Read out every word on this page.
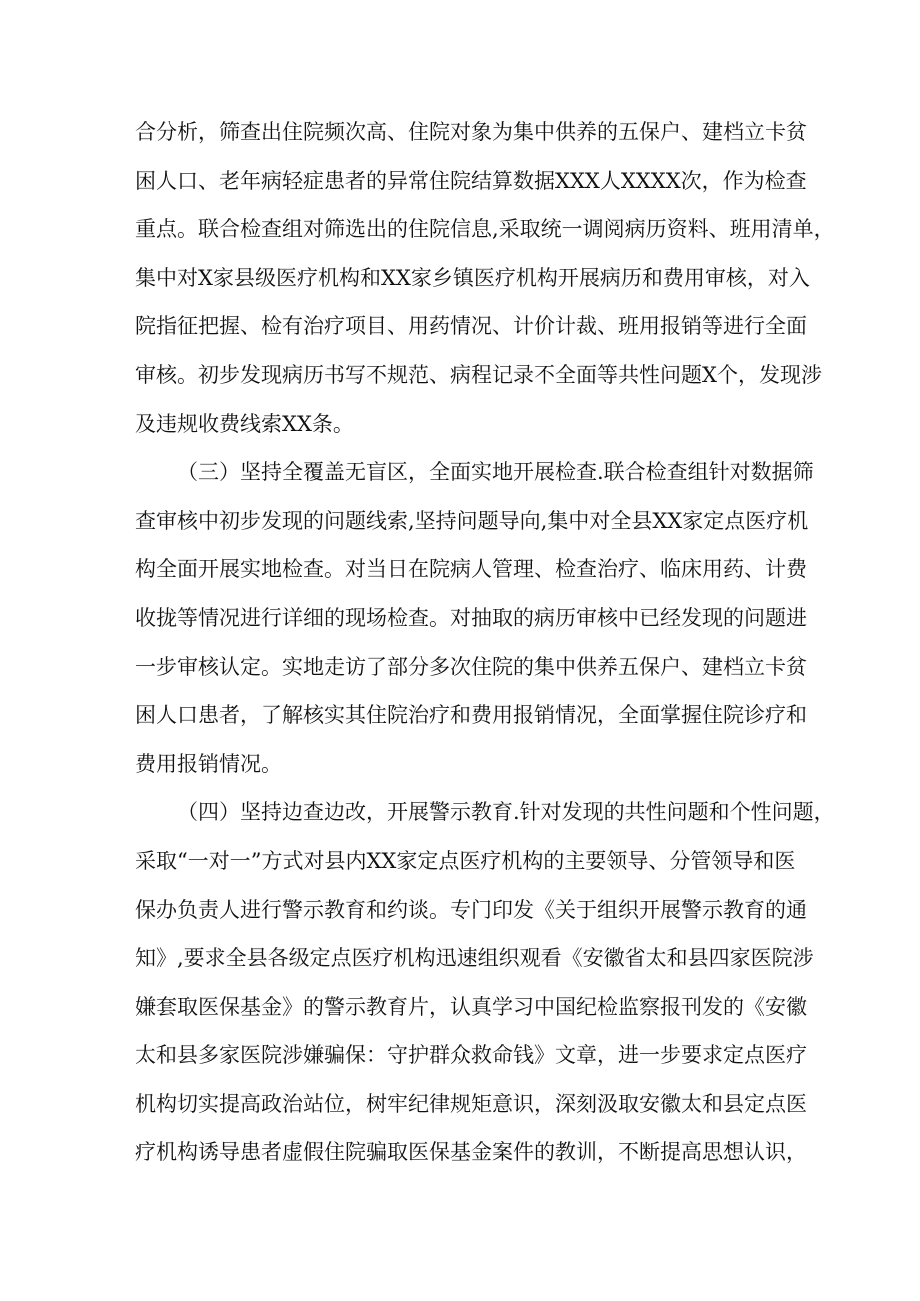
合分析，筛查出住院频次高、住院对象为集中供养的五保户、建档立卡贫
困人口、老年病轻症患者的异常住院结算数据XXX人XXXX次，作为检查
重点。联合检查组对筛选出的住院信息,采取统一调阅病历资料、班用清单，
集中对X家县级医疗机构和XX家乡镇医疗机构开展病历和费用审核，对入
院指征把握、检有治疗项目、用药情况、计价计裁、班用报销等进行全面
审核。初步发现病历书写不规范、病程记录不全面等共性问题X个，发现涉
及违规收费线索XX条。
（三）坚持全覆盖无盲区，全面实地开展检查.联合检查组针对数据筛
查审核中初步发现的问题线索,坚持问题导向,集中对全县XX家定点医疗机
构全面开展实地检查。对当日在院病人管理、检查治疗、临床用药、计费
收拢等情况进行详细的现场检查。对抽取的病历审核中已经发现的问题进
一步审核认定。实地走访了部分多次住院的集中供养五保户、建档立卡贫
困人口患者，了解核实其住院治疗和费用报销情况，全面掌握住院诊疗和
费用报销情况。
（四）坚持边查边改，开展警示教育.针对发现的共性问题和个性问题，
采取“一对一”方式对县内XX家定点医疗机构的主要领导、分管领导和医
保办负责人进行警示教育和约谈。专门印发《关于组织开展警示教育的通
知》,要求全县各级定点医疗机构迅速组织观看《安徽省太和县四家医院涉
嫌套取医保基金》的警示教育片，认真学习中国纪检监察报刊发的《安徽
太和县多家医院涉嫌骗保：守护群众救命钱》文章，进一步要求定点医疗
机构切实提高政治站位，树牢纪律规矩意识，深刻汲取安徽太和县定点医
疗机构诱导患者虚假住院骗取医保基金案件的教训，不断提高思想认识，
